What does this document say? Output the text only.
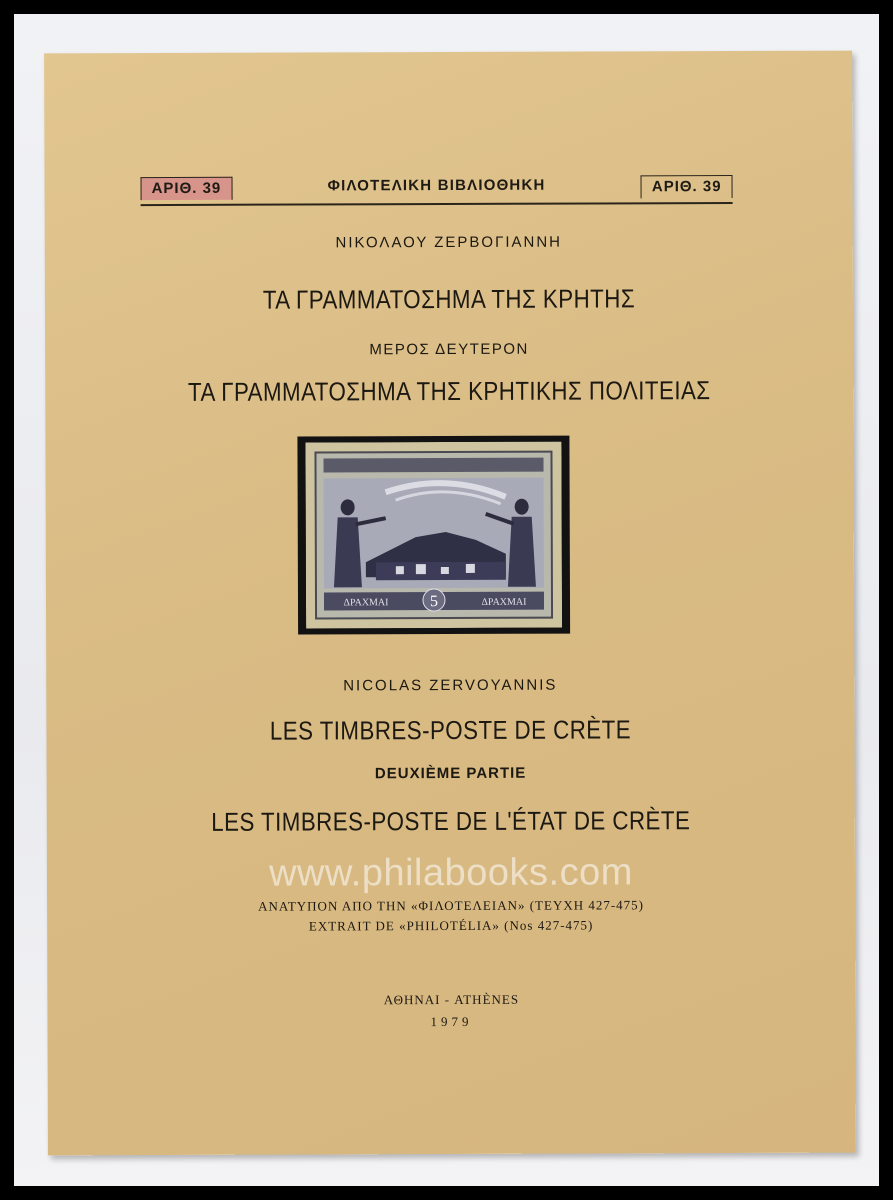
ΑΡΙΘ. 39	ΦΙΛΟΤΕΛΙΚΗ ΒΙΒΛΙΟΘΗΚΗ	ΑΡΙΘ. 39
ΝΙΚΟΛΑΟΥ ΖΕΡΒΟΓΙΑΝΝΗ
ΤΑ ΓΡΑΜΜΑΤΟΣΗΜΑ ΤΗΣ ΚΡΗΤΗΣ
ΜΕΡΟΣ ΔΕΥΤΕΡΟΝ
ΤΑ ΓΡΑΜΜΑΤΟΣΗΜΑ ΤΗΣ ΚΡΗΤΙΚΗΣ ΠΟΛΙΤΕΙΑΣ
ΔΡΑΧΜΑΙ	ΔΡΑΧΜΑΙ
5
NICOLAS ZERVOYANNIS
LES TIMBRES-POSTE DE CRÈTE
DEUXIÈME PARTIE
LES TIMBRES-POSTE DE L'ÉTAT DE CRÈTE
www.philabooks.com
ΑΝΑΤΥΠΟΝ ΑΠΟ ΤΗΝ «ΦΙΛΟΤΕΛΕΙΑΝ» (ΤΕΥΧΗ 427-475)
EXTRAIT DE «PHILOTÉLIA» (Nos 427-475)
ΑΘΗΝΑΙ - ATHÈNES
1979
